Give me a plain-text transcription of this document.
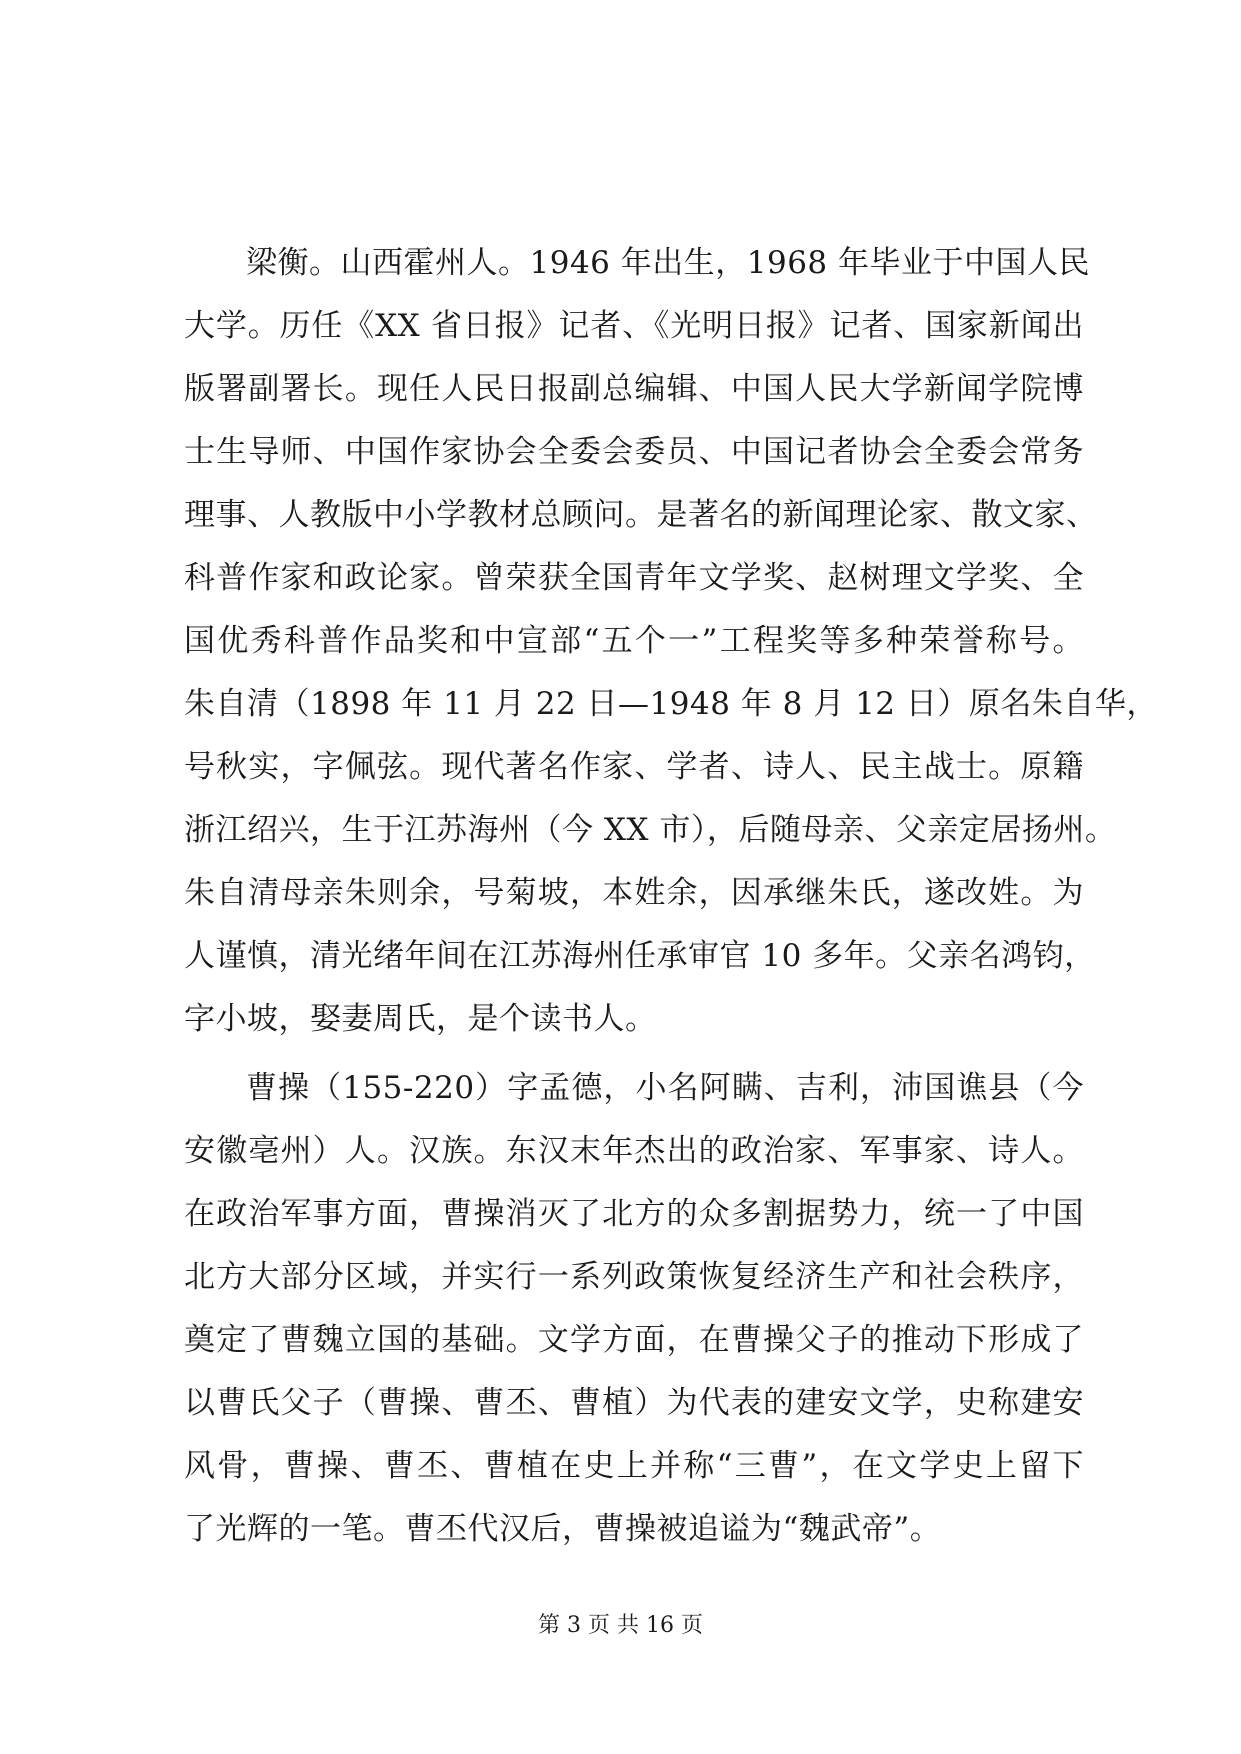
梁衡。山西霍州人。1946 年出生，1968 年毕业于中国人民
大学。历任《XX 省日报》记者、《光明日报》记者、国家新闻出
版署副署长。现任人民日报副总编辑、中国人民大学新闻学院博
士生导师、中国作家协会全委会委员、中国记者协会全委会常务
理事、人教版中小学教材总顾问。是著名的新闻理论家、散文家、
科普作家和政论家。曾荣获全国青年文学奖、赵树理文学奖、全
国优秀科普作品奖和中宣部“五个一”工程奖等多种荣誉称号。
朱自清（1898 年 11 月 22 日—1948 年 8 月 12 日）原名朱自华，
号秋实，字佩弦。现代著名作家、学者、诗人、民主战士。原籍
浙江绍兴，生于江苏海州（今 XX 市），后随母亲、父亲定居扬州。
朱自清母亲朱则余，号菊坡，本姓余，因承继朱氏，遂改姓。为
人谨慎，清光绪年间在江苏海州任承审官 10 多年。父亲名鸿钧，
字小坡，娶妻周氏，是个读书人。
曹操（155-220）字孟德，小名阿瞒、吉利，沛国谯县（今
安徽亳州）人。汉族。东汉末年杰出的政治家、军事家、诗人。
在政治军事方面，曹操消灭了北方的众多割据势力，统一了中国
北方大部分区域，并实行一系列政策恢复经济生产和社会秩序，
奠定了曹魏立国的基础。文学方面，在曹操父子的推动下形成了
以曹氏父子（曹操、曹丕、曹植）为代表的建安文学，史称建安
风骨，曹操、曹丕、曹植在史上并称“三曹”，在文学史上留下
了光辉的一笔。曹丕代汉后，曹操被追谥为“魏武帝”。
第 3 页 共 16 页
